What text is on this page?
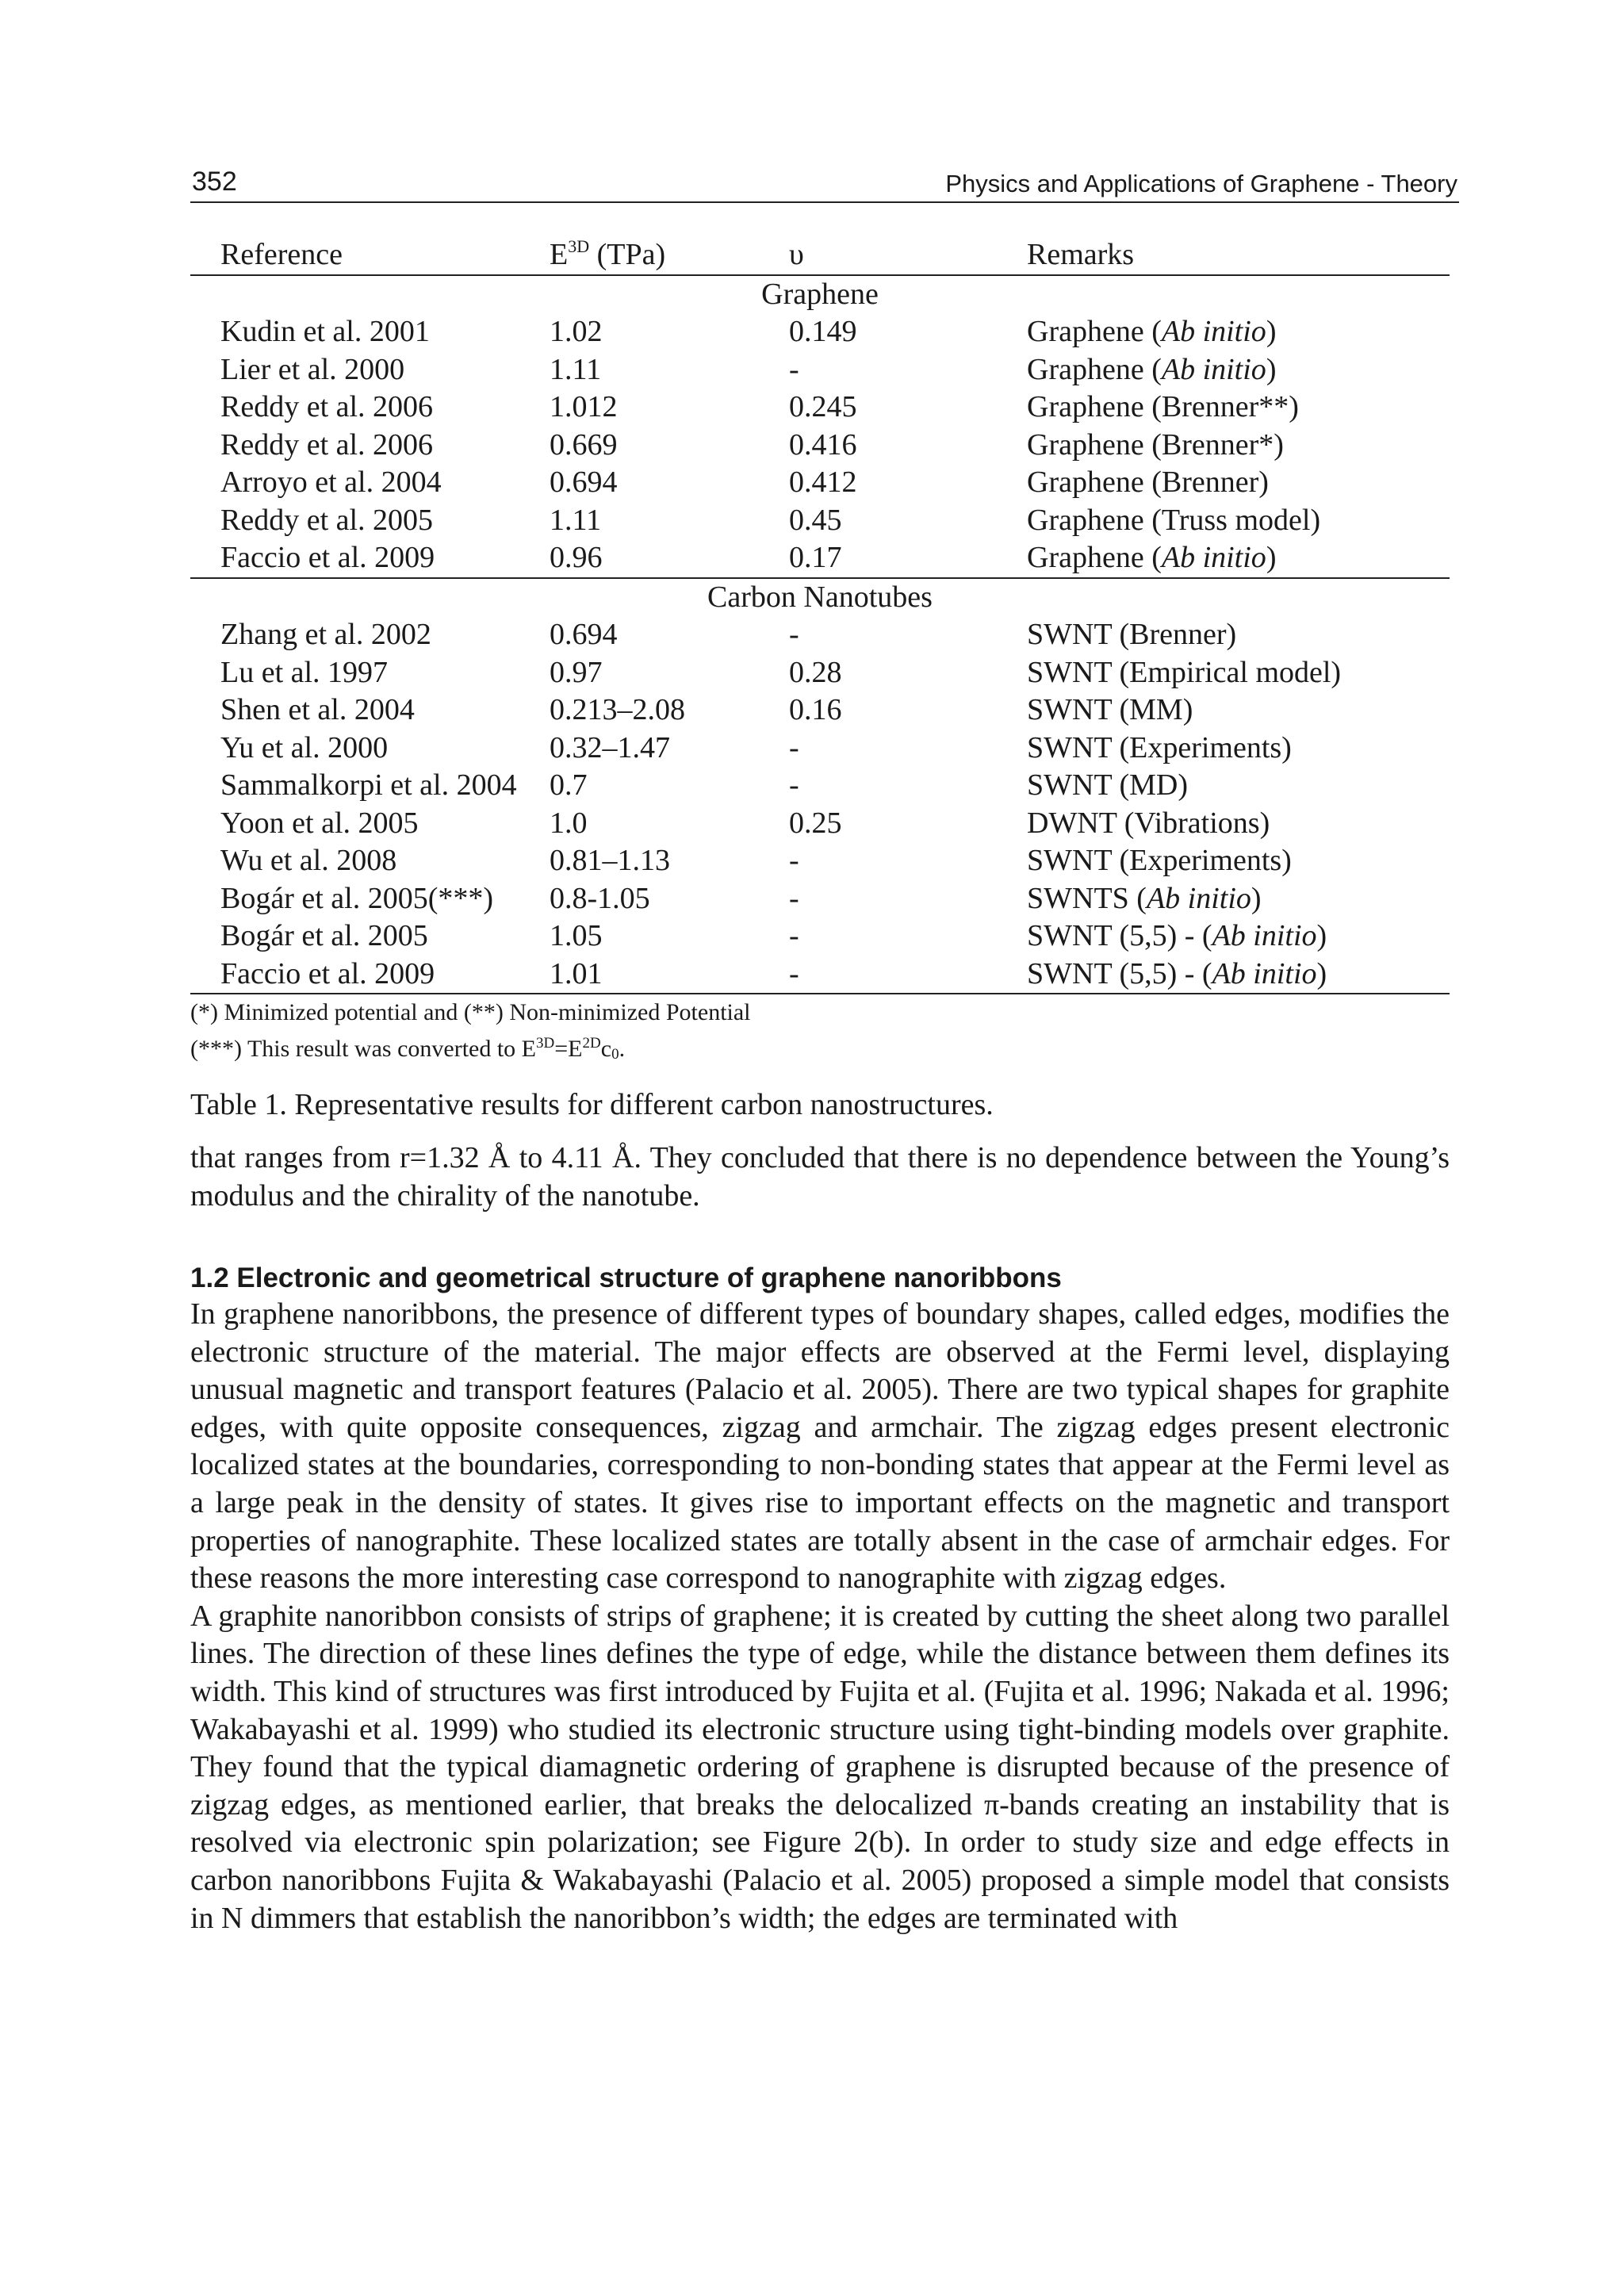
352	Physics and Applications of Graphene - Theory
Reference	$E^{3D}$ (TPa)	υ	Remarks
Graphene			
Kudin et al. 2001	1.02	0.149	Graphene (Ab initio)
Lier et al. 2000	1.11	-	Graphene (Ab initio)
Reddy et al. 2006	1.012	0.245	Graphene (Brenner**)
Reddy et al. 2006	0.669	0.416	Graphene (Brenner*)
Arroyo et al. 2004	0.694	0.412	Graphene (Brenner)
Reddy et al. 2005	1.11	0.45	Graphene (Truss model)
Faccio et al. 2009	0.96	0.17	Graphene (Ab initio)
Carbon Nanotubes			
Zhang et al. 2002	0.694	-	SWNT (Brenner)
Lu et al. 1997	0.97	0.28	SWNT (Empirical model)
Shen et al. 2004	0.213–2.08	0.16	SWNT (MM)
Yu et al. 2000	0.32–1.47	-	SWNT (Experiments)
Sammalkorpi et al. 2004	0.7	-	SWNT (MD)
Yoon et al. 2005	1.0	0.25	DWNT (Vibrations)
Wu et al. 2008	0.81–1.13	-	SWNT (Experiments)
Bogár et al. 2005(***)	0.8-1.05	-	SWNTS (Ab initio)
Bogár et al. 2005	1.05	-	SWNT (5,5) - (Ab initio)
Faccio et al. 2009	1.01	-	SWNT (5,5) - (Ab initio)
(*) Minimized potential and (**) Non-minimized Potential
(***) This result was converted to $E^{3D}=E^{2D}c_0$.
Table 1. Representative results for different carbon nanostructures.

that ranges from r=1.32 Å to 4.11 Å. They concluded that there is no dependence between the Young’s modulus and the chirality of the nanotube.

1.2 Electronic and geometrical structure of graphene nanoribbons

In graphene nanoribbons, the presence of different types of boundary shapes, called edges, modifies the electronic structure of the material. The major effects are observed at the Fermi level, displaying unusual magnetic and transport features (Palacio et al. 2005). There are two typical shapes for graphite edges, with quite opposite consequences, zigzag and armchair. The zigzag edges present electronic localized states at the boundaries, corresponding to non-bonding states that appear at the Fermi level as a large peak in the density of states. It gives rise to important effects on the magnetic and transport properties of nanographite. These localized states are totally absent in the case of armchair edges. For these reasons the more interesting case correspond to nanographite with zigzag edges.

A graphite nanoribbon consists of strips of graphene; it is created by cutting the sheet along two parallel lines. The direction of these lines defines the type of edge, while the distance between them defines its width. This kind of structures was first introduced by Fujita et al. (Fujita et al. 1996; Nakada et al. 1996; Wakabayashi et al. 1999) who studied its electronic structure using tight-binding models over graphite. They found that the typical diamagnetic ordering of graphene is disrupted because of the presence of zigzag edges, as mentioned earlier, that breaks the delocalized π-bands creating an instability that is resolved via electronic spin polarization; see Figure 2(b). In order to study size and edge effects in carbon nanoribbons Fujita & Wakabayashi (Palacio et al. 2005) proposed a simple model that consists in N dimmers that establish the nanoribbon’s width; the edges are terminated with
